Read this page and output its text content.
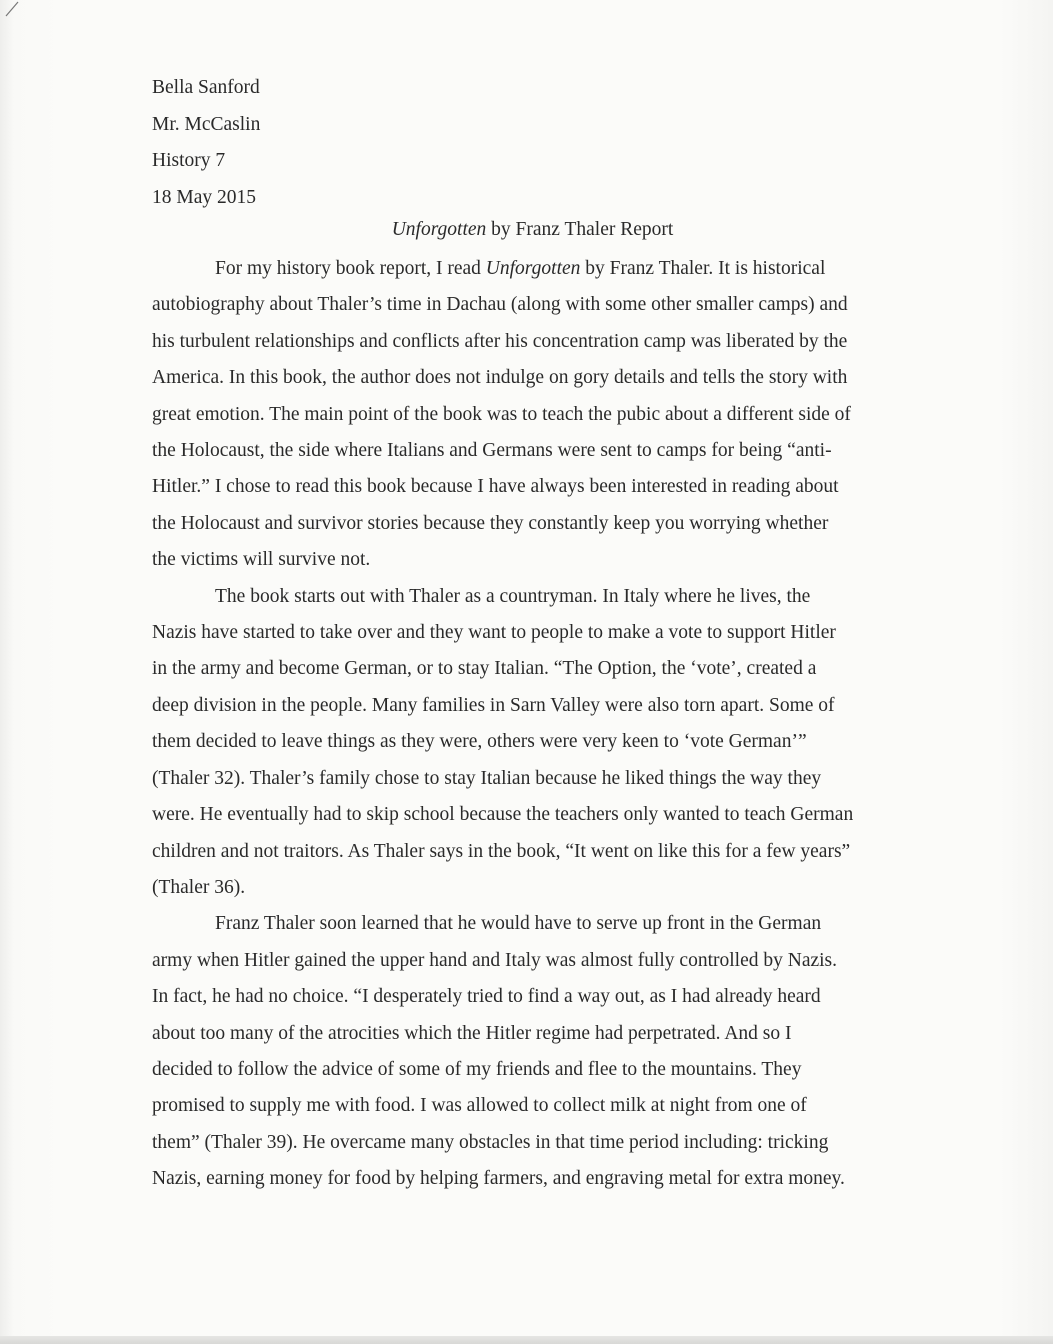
Bella Sanford
Mr. McCaslin
History 7
18 May 2015
Unforgotten by Franz Thaler Report
For my history book report, I read Unforgotten by Franz Thaler. It is historical
autobiography about Thaler’s time in Dachau (along with some other smaller camps) and
his turbulent relationships and conflicts after his concentration camp was liberated by the
America. In this book, the author does not indulge on gory details and tells the story with
great emotion. The main point of the book was to teach the pubic about a different side of
the Holocaust, the side where Italians and Germans were sent to camps for being “anti-
Hitler.” I chose to read this book because I have always been interested in reading about
the Holocaust and survivor stories because they constantly keep you worrying whether
the victims will survive not.
The book starts out with Thaler as a countryman. In Italy where he lives, the
Nazis have started to take over and they want to people to make a vote to support Hitler
in the army and become German, or to stay Italian. “The Option, the ‘vote’, created a
deep division in the people. Many families in Sarn Valley were also torn apart. Some of
them decided to leave things as they were, others were very keen to ‘vote German’”
(Thaler 32). Thaler’s family chose to stay Italian because he liked things the way they
were. He eventually had to skip school because the teachers only wanted to teach German
children and not traitors. As Thaler says in the book, “It went on like this for a few years”
(Thaler 36).
Franz Thaler soon learned that he would have to serve up front in the German
army when Hitler gained the upper hand and Italy was almost fully controlled by Nazis.
In fact, he had no choice. “I desperately tried to find a way out, as I had already heard
about too many of the atrocities which the Hitler regime had perpetrated. And so I
decided to follow the advice of some of my friends and flee to the mountains. They
promised to supply me with food. I was allowed to collect milk at night from one of
them” (Thaler 39). He overcame many obstacles in that time period including: tricking
Nazis, earning money for food by helping farmers, and engraving metal for extra money.
